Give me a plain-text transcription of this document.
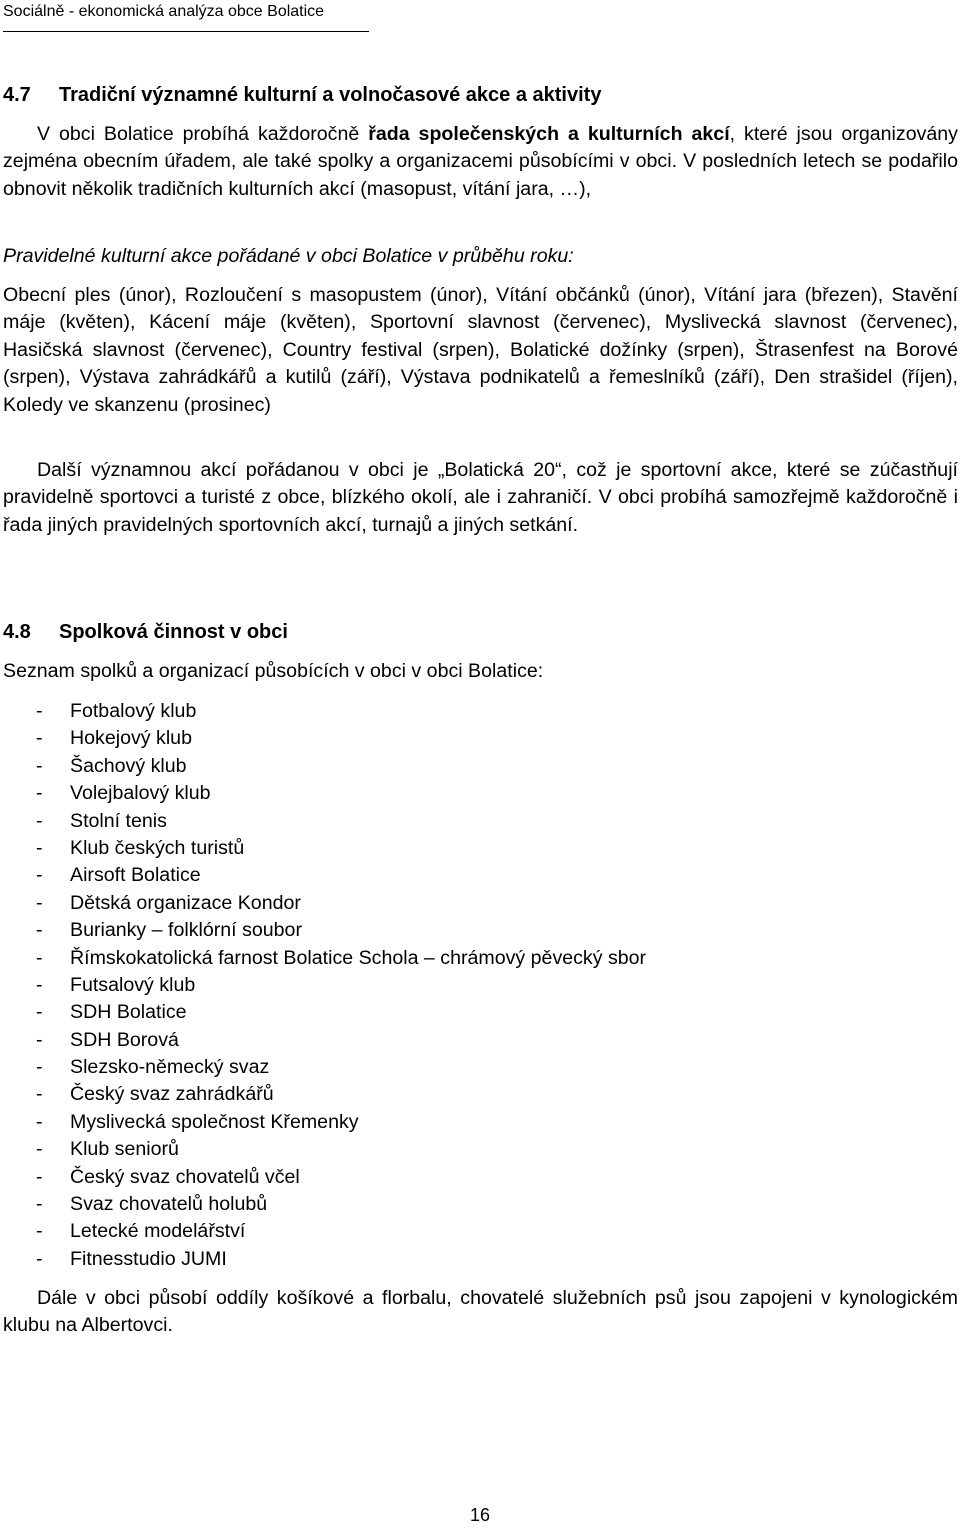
Sociálně - ekonomická analýza obce Bolatice
4.7 Tradiční významné kulturní a volnočasové akce a aktivity
V obci Bolatice probíhá každoročně řada společenských a kulturních akcí, které jsou organizovány zejména obecním úřadem, ale také spolky a organizacemi působícími v obci. V posledních letech se podařilo obnovit několik tradičních kulturních akcí (masopust, vítání jara, …),
Pravidelné kulturní akce pořádané v obci Bolatice v průběhu roku:
Obecní ples (únor), Rozloučení s masopustem (únor), Vítání občánků (únor), Vítání jara (březen), Stavění máje (květen), Kácení máje (květen), Sportovní slavnost (červenec), Myslivecká slavnost (červenec), Hasičská slavnost (červenec), Country festival (srpen), Bolatické dožínky (srpen), Štrasenfest na Borové (srpen), Výstava zahrádkářů a kutilů (září), Výstava podnikatelů a řemeslníků (září), Den strašidel (říjen), Koledy ve skanzenu (prosinec)
Další významnou akcí pořádanou v obci je „Bolatická 20“, což je sportovní akce, které se zúčastňují pravidelně sportovci a turisté z obce, blízkého okolí, ale i zahraničí. V obci probíhá samozřejmě každoročně i řada jiných pravidelných sportovních akcí, turnajů a jiných setkání.
4.8 Spolková činnost v obci
Seznam spolků a organizací působících v obci v obci Bolatice:
- Fotbalový klub
- Hokejový klub
- Šachový klub
- Volejbalový klub
- Stolní tenis
- Klub českých turistů
- Airsoft Bolatice
- Dětská organizace Kondor
- Burianky – folklórní soubor
- Římskokatolická farnost Bolatice Schola – chrámový pěvecký sbor
- Futsalový klub
- SDH Bolatice
- SDH Borová
- Slezsko-německý svaz
- Český svaz zahrádkářů
- Myslivecká společnost Křemenky
- Klub seniorů
- Český svaz chovatelů včel
- Svaz chovatelů holubů
- Letecké modelářství
- Fitnesstudio JUMI
Dále v obci působí oddíly košíkové a florbalu, chovatelé služebních psů jsou zapojeni v kynologickém klubu na Albertovci.
16
